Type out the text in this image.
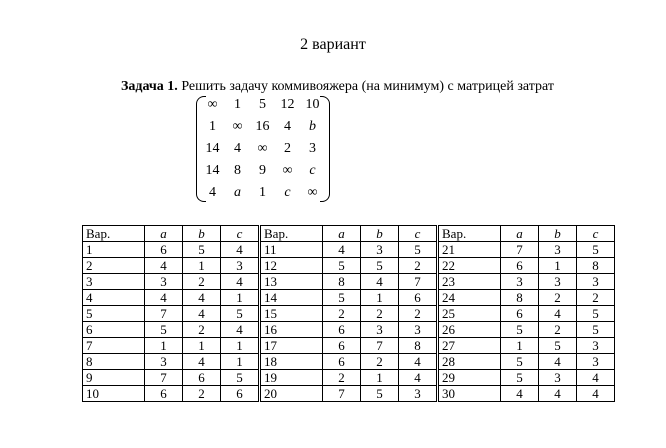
2 вариант
Задача 1. Решить задачу коммивояжера (на минимум) с матрицей затрат
∞	1	5	12	10
1	∞	16	4	b
14	4	∞	2	3
14	8	9	∞	c
4	a	1	c	∞
Вар.	a	b	c	Вар.	a	b	c	Вар.	a	b	c
1	6	5	4	11	4	3	5	21	7	3	5
2	4	1	3	12	5	5	2	22	6	1	8
3	3	2	4	13	8	4	7	23	3	3	3
4	4	4	1	14	5	1	6	24	8	2	2
5	7	4	5	15	2	2	2	25	6	4	5
6	5	2	4	16	6	3	3	26	5	2	5
7	1	1	1	17	6	7	8	27	1	5	3
8	3	4	1	18	6	2	4	28	5	4	3
9	7	6	5	19	2	1	4	29	5	3	4
10	6	2	6	20	7	5	3	30	4	4	4
